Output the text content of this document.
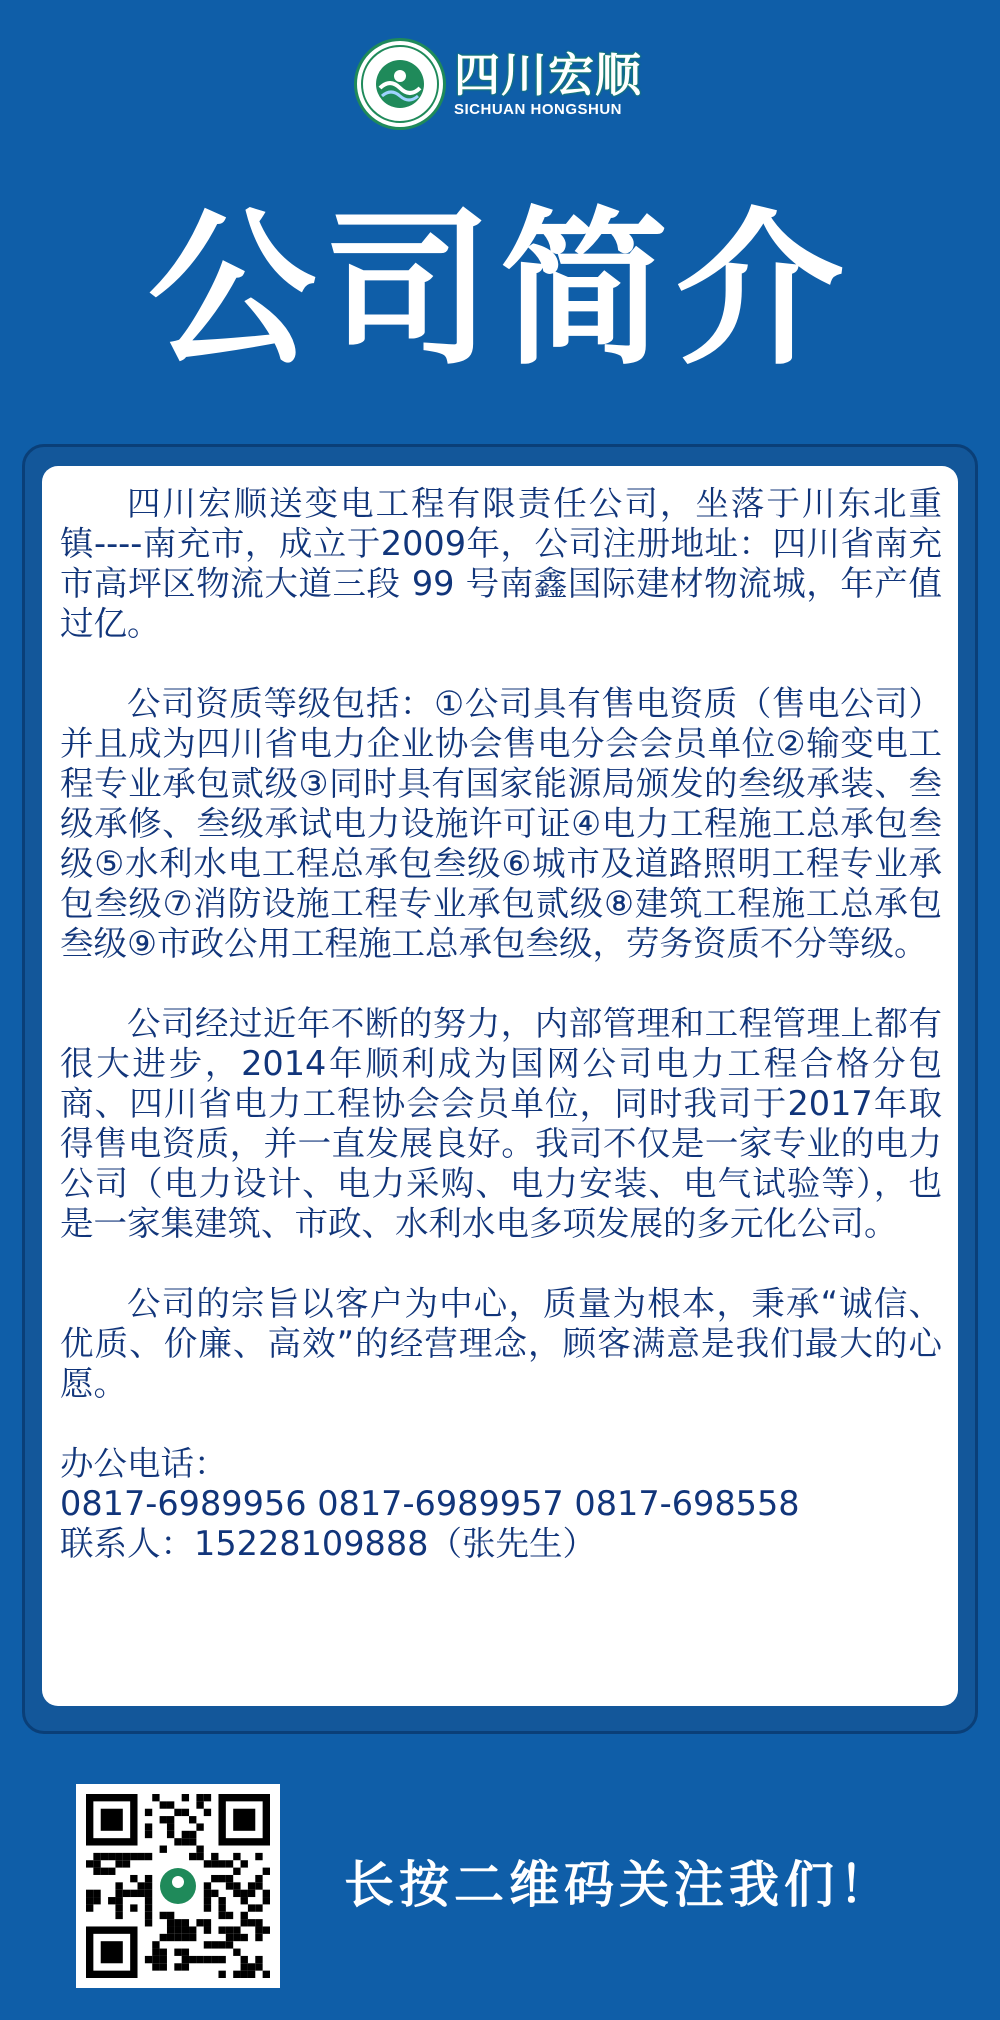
四川宏顺
SICHUAN HONGSHUN
公司简介

四川宏顺送变电工程有限责任公司，坐落于川东北重镇----南充市，成立于2009年，公司注册地址：四川省南充市高坪区物流大道三段 99 号南鑫国际建材物流城，年产值过亿。

公司资质等级包括：①公司具有售电资质（售电公司）并且成为四川省电力企业协会售电分会会员单位②输变电工程专业承包贰级③同时具有国家能源局颁发的叁级承装、叁级承修、叁级承试电力设施许可证④电力工程施工总承包叁级⑤水利水电工程总承包叁级⑥城市及道路照明工程专业承包叁级⑦消防设施工程专业承包贰级⑧建筑工程施工总承包叁级⑨市政公用工程施工总承包叁级，劳务资质不分等级。

公司经过近年不断的努力，内部管理和工程管理上都有很大进步，2014年顺利成为国网公司电力工程合格分包商、四川省电力工程协会会员单位，同时我司于2017年取得售电资质，并一直发展良好。我司不仅是一家专业的电力公司（电力设计、电力采购、电力安装、电气试验等），也是一家集建筑、市政、水利水电多项发展的多元化公司。

公司的宗旨以客户为中心，质量为根本，秉承“诚信、优质、价廉、高效”的经营理念，顾客满意是我们最大的心愿。

办公电话：
0817-6989956 0817-6989957 0817-698558
联系人：15228109888（张先生）
长按二维码关注我们！
